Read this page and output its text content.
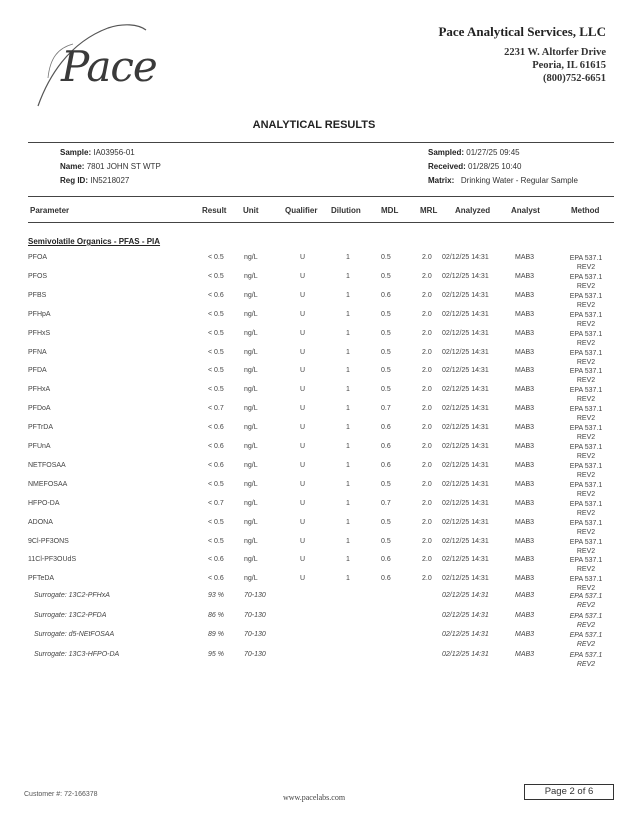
Pace
Pace Analytical Services, LLC
2231 W. Altorfer Drive
Peoria, IL 61615
(800)752-6651
ANALYTICAL RESULTS
Sample: IA03956-01
Name: 7801 JOHN ST WTP
Reg ID: IN5218027
Sampled: 01/27/25 09:45
Received: 01/28/25 10:40
Matrix: Drinking Water - Regular Sample
Parameter	Result Unit	Qualifier Dilution	MDL	MRL Analyzed	Analyst	Method
Semivolatile Organics - PFAS - PIA
PFOA	< 0.5	ng/L	U	1	0.5	2.0 02/12/25 14:31	MAB3	EPA 537.1
REV2
PFOS	< 0.5	ng/L	U	1	0.5	2.0 02/12/25 14:31	MAB3	EPA 537.1
REV2
PFBS	< 0.6	ng/L	U	1	0.6	2.0 02/12/25 14:31	MAB3	EPA 537.1
REV2
PFHpA	< 0.5	ng/L	U	1	0.5	2.0 02/12/25 14:31	MAB3	EPA 537.1
REV2
PFHxS	< 0.5	ng/L	U	1	0.5	2.0 02/12/25 14:31	MAB3	EPA 537.1
REV2
PFNA	< 0.5	ng/L	U	1	0.5	2.0 02/12/25 14:31	MAB3	EPA 537.1
REV2
PFDA	< 0.5	ng/L	U	1	0.5	2.0 02/12/25 14:31	MAB3	EPA 537.1
REV2
PFHxA	< 0.5	ng/L	U	1	0.5	2.0 02/12/25 14:31	MAB3	EPA 537.1
REV2
PFDoA	< 0.7	ng/L	U	1	0.7	2.0 02/12/25 14:31	MAB3	EPA 537.1
REV2
PFTrDA	< 0.6	ng/L	U	1	0.6	2.0 02/12/25 14:31	MAB3	EPA 537.1
REV2
PFUnA	< 0.6	ng/L	U	1	0.6	2.0 02/12/25 14:31	MAB3	EPA 537.1
REV2
NETFOSAA	< 0.6	ng/L	U	1	0.6	2.0 02/12/25 14:31	MAB3	EPA 537.1
REV2
NMEFOSAA	< 0.5	ng/L	U	1	0.5	2.0 02/12/25 14:31	MAB3	EPA 537.1
REV2
HFPO-DA	< 0.7	ng/L	U	1	0.7	2.0 02/12/25 14:31	MAB3	EPA 537.1
REV2
ADONA	< 0.5	ng/L	U	1	0.5	2.0 02/12/25 14:31	MAB3	EPA 537.1
REV2
9Cl-PF3ONS	< 0.5	ng/L	U	1	0.5	2.0 02/12/25 14:31	MAB3	EPA 537.1
REV2
11Cl-PF3OUdS	< 0.6	ng/L	U	1	0.6	2.0 02/12/25 14:31	MAB3	EPA 537.1
REV2
PFTeDA	< 0.6	ng/L	U	1	0.6	2.0 02/12/25 14:31	MAB3	EPA 537.1
REV2
Surrogate: 13C2-PFHxA	93 %	70-130	02/12/25 14:31	MAB3	EPA 537.1
REV2
Surrogate: 13C2-PFDA	86 %	70-130	02/12/25 14:31	MAB3	EPA 537.1
REV2
Surrogate: d5-NEtFOSAA	89 %	70-130	02/12/25 14:31	MAB3	EPA 537.1
REV2
Surrogate: 13C3-HFPO-DA	95 %	70-130	02/12/25 14:31	MAB3	EPA 537.1
REV2
Customer #: 72-166378	www.pacelabs.com
Page 2 of 6
